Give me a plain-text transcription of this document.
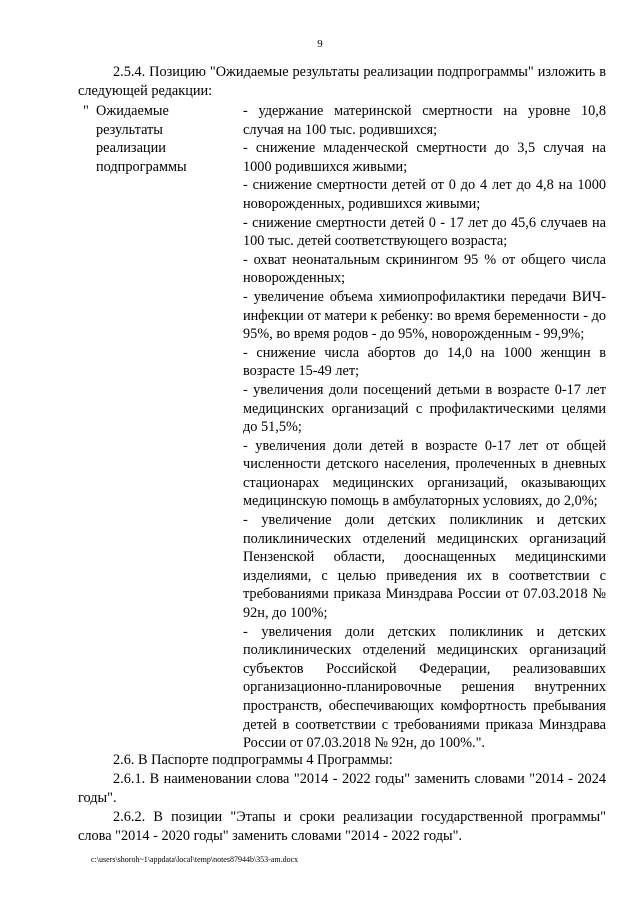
9

2.5.4. Позицию "Ожидаемые результаты реализации подпрограммы" изложить в следующей редакции:

" Ожидаемые
результаты
реализации
подпрограммы

- удержание материнской смертности на уровне 10,8 случая на 100 тыс. родившихся;

- снижение младенческой смертности до 3,5 случая на 1000 родившихся живыми;

- снижение смертности детей от 0 до 4 лет до 4,8 на 1000 новорожденных, родившихся живыми;

- снижение смертности детей 0 - 17 лет до 45,6 случаев на 100 тыс. детей соответствующего возраста;

- охват неонатальным скринингом 95 % от общего числа новорожденных;

- увеличение объема химиопрофилактики передачи ВИЧ-инфекции от матери к ребенку: во время беременности - до 95%, во время родов - до 95%, новорожденным - 99,9%;

- снижение числа абортов до 14,0 на 1000 женщин в возрасте 15-49 лет;

- увеличения доли посещений детьми в возрасте 0-17 лет медицинских организаций с профилактическими целями до 51,5%;

- увеличения доли детей в возрасте 0-17 лет от общей численности детского населения, пролеченных в дневных стационарах медицинских организаций, оказывающих медицинскую помощь в амбулаторных условиях, до 2,0%;

- увеличение доли детских поликлиник и детских поликлинических отделений медицинских организаций Пензенской области, дооснащенных медицинскими изделиями, с целью приведения их в соответствии с требованиями приказа Минздрава России от 07.03.2018 № 92н, до 100%;

- увеличения доли детских поликлиник и детских поликлинических отделений медицинских организаций субъектов Российской Федерации, реализовавших организационно-планировочные решения внутренних пространств, обеспечивающих комфортность пребывания детей в соответствии с требованиями приказа Минздрава России от 07.03.2018 № 92н, до 100%.".

2.6. В Паспорте подпрограммы 4 Программы:

2.6.1. В наименовании слова "2014 - 2022 годы" заменить словами "2014 - 2024 годы".

2.6.2. В позиции "Этапы и сроки реализации государственной программы" слова "2014 - 2020 годы" заменить словами "2014 - 2022 годы".

c:\users\shoroh~1\appdata\local\temp\notes87944b\353-am.docx
